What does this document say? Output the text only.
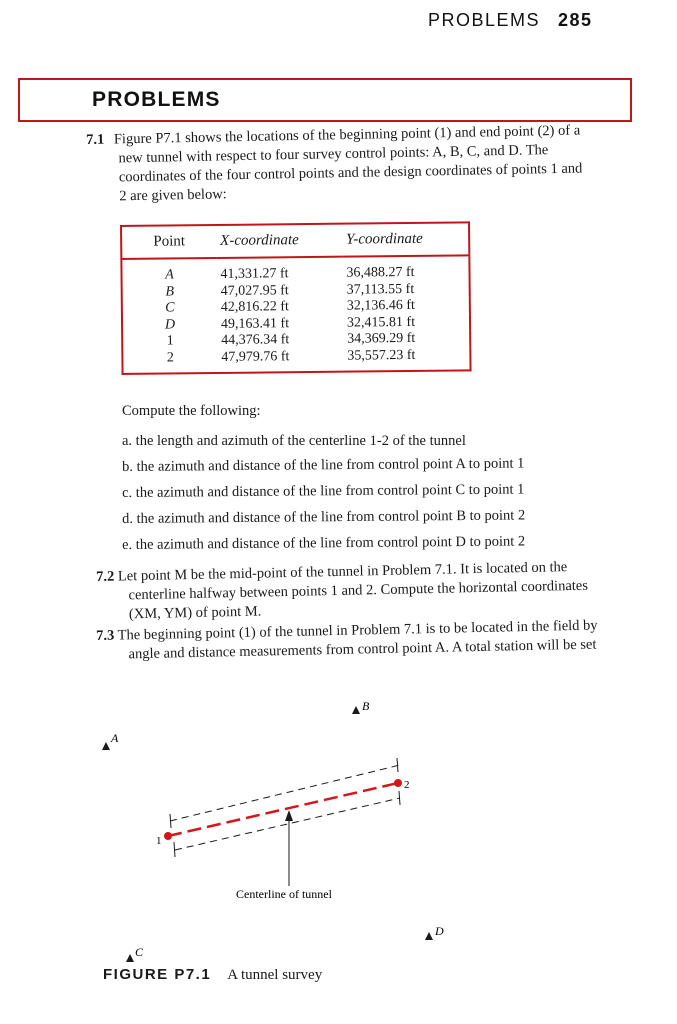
PROBLEMS 285
PROBLEMS
7.1 Figure P7.1 shows the locations of the beginning point (1) and end point (2) of a
new tunnel with respect to four survey control points: A, B, C, and D. The
coordinates of the four control points and the design coordinates of points 1 and
2 are given below:
Point	X-coordinate	Y-coordinate
A	41,331.27 ft	36,488.27 ft
B	47,027.95 ft	37,113.55 ft
C	42,816.22 ft	32,136.46 ft
D	49,163.41 ft	32,415.81 ft
1	44,376.34 ft	34,369.29 ft
2	47,979.76 ft	35,557.23 ft
Compute the following:
a. the length and azimuth of the centerline 1-2 of the tunnel
b. the azimuth and distance of the line from control point A to point 1
c. the azimuth and distance of the line from control point C to point 1
d. the azimuth and distance of the line from control point B to point 2
e. the azimuth and distance of the line from control point D to point 2
7.2 Let point M be the mid-point of the tunnel in Problem 7.1. It is located on the
centerline halfway between points 1 and 2. Compute the horizontal coordinates
(XM, YM) of point M.
7.3 The beginning point (1) of the tunnel in Problem 7.1 is to be located in the field by
angle and distance measurements from control point A. A total station will be set
A
B
C
D
1
2
Centerline of tunnel
FIGURE P7.1 A tunnel survey
